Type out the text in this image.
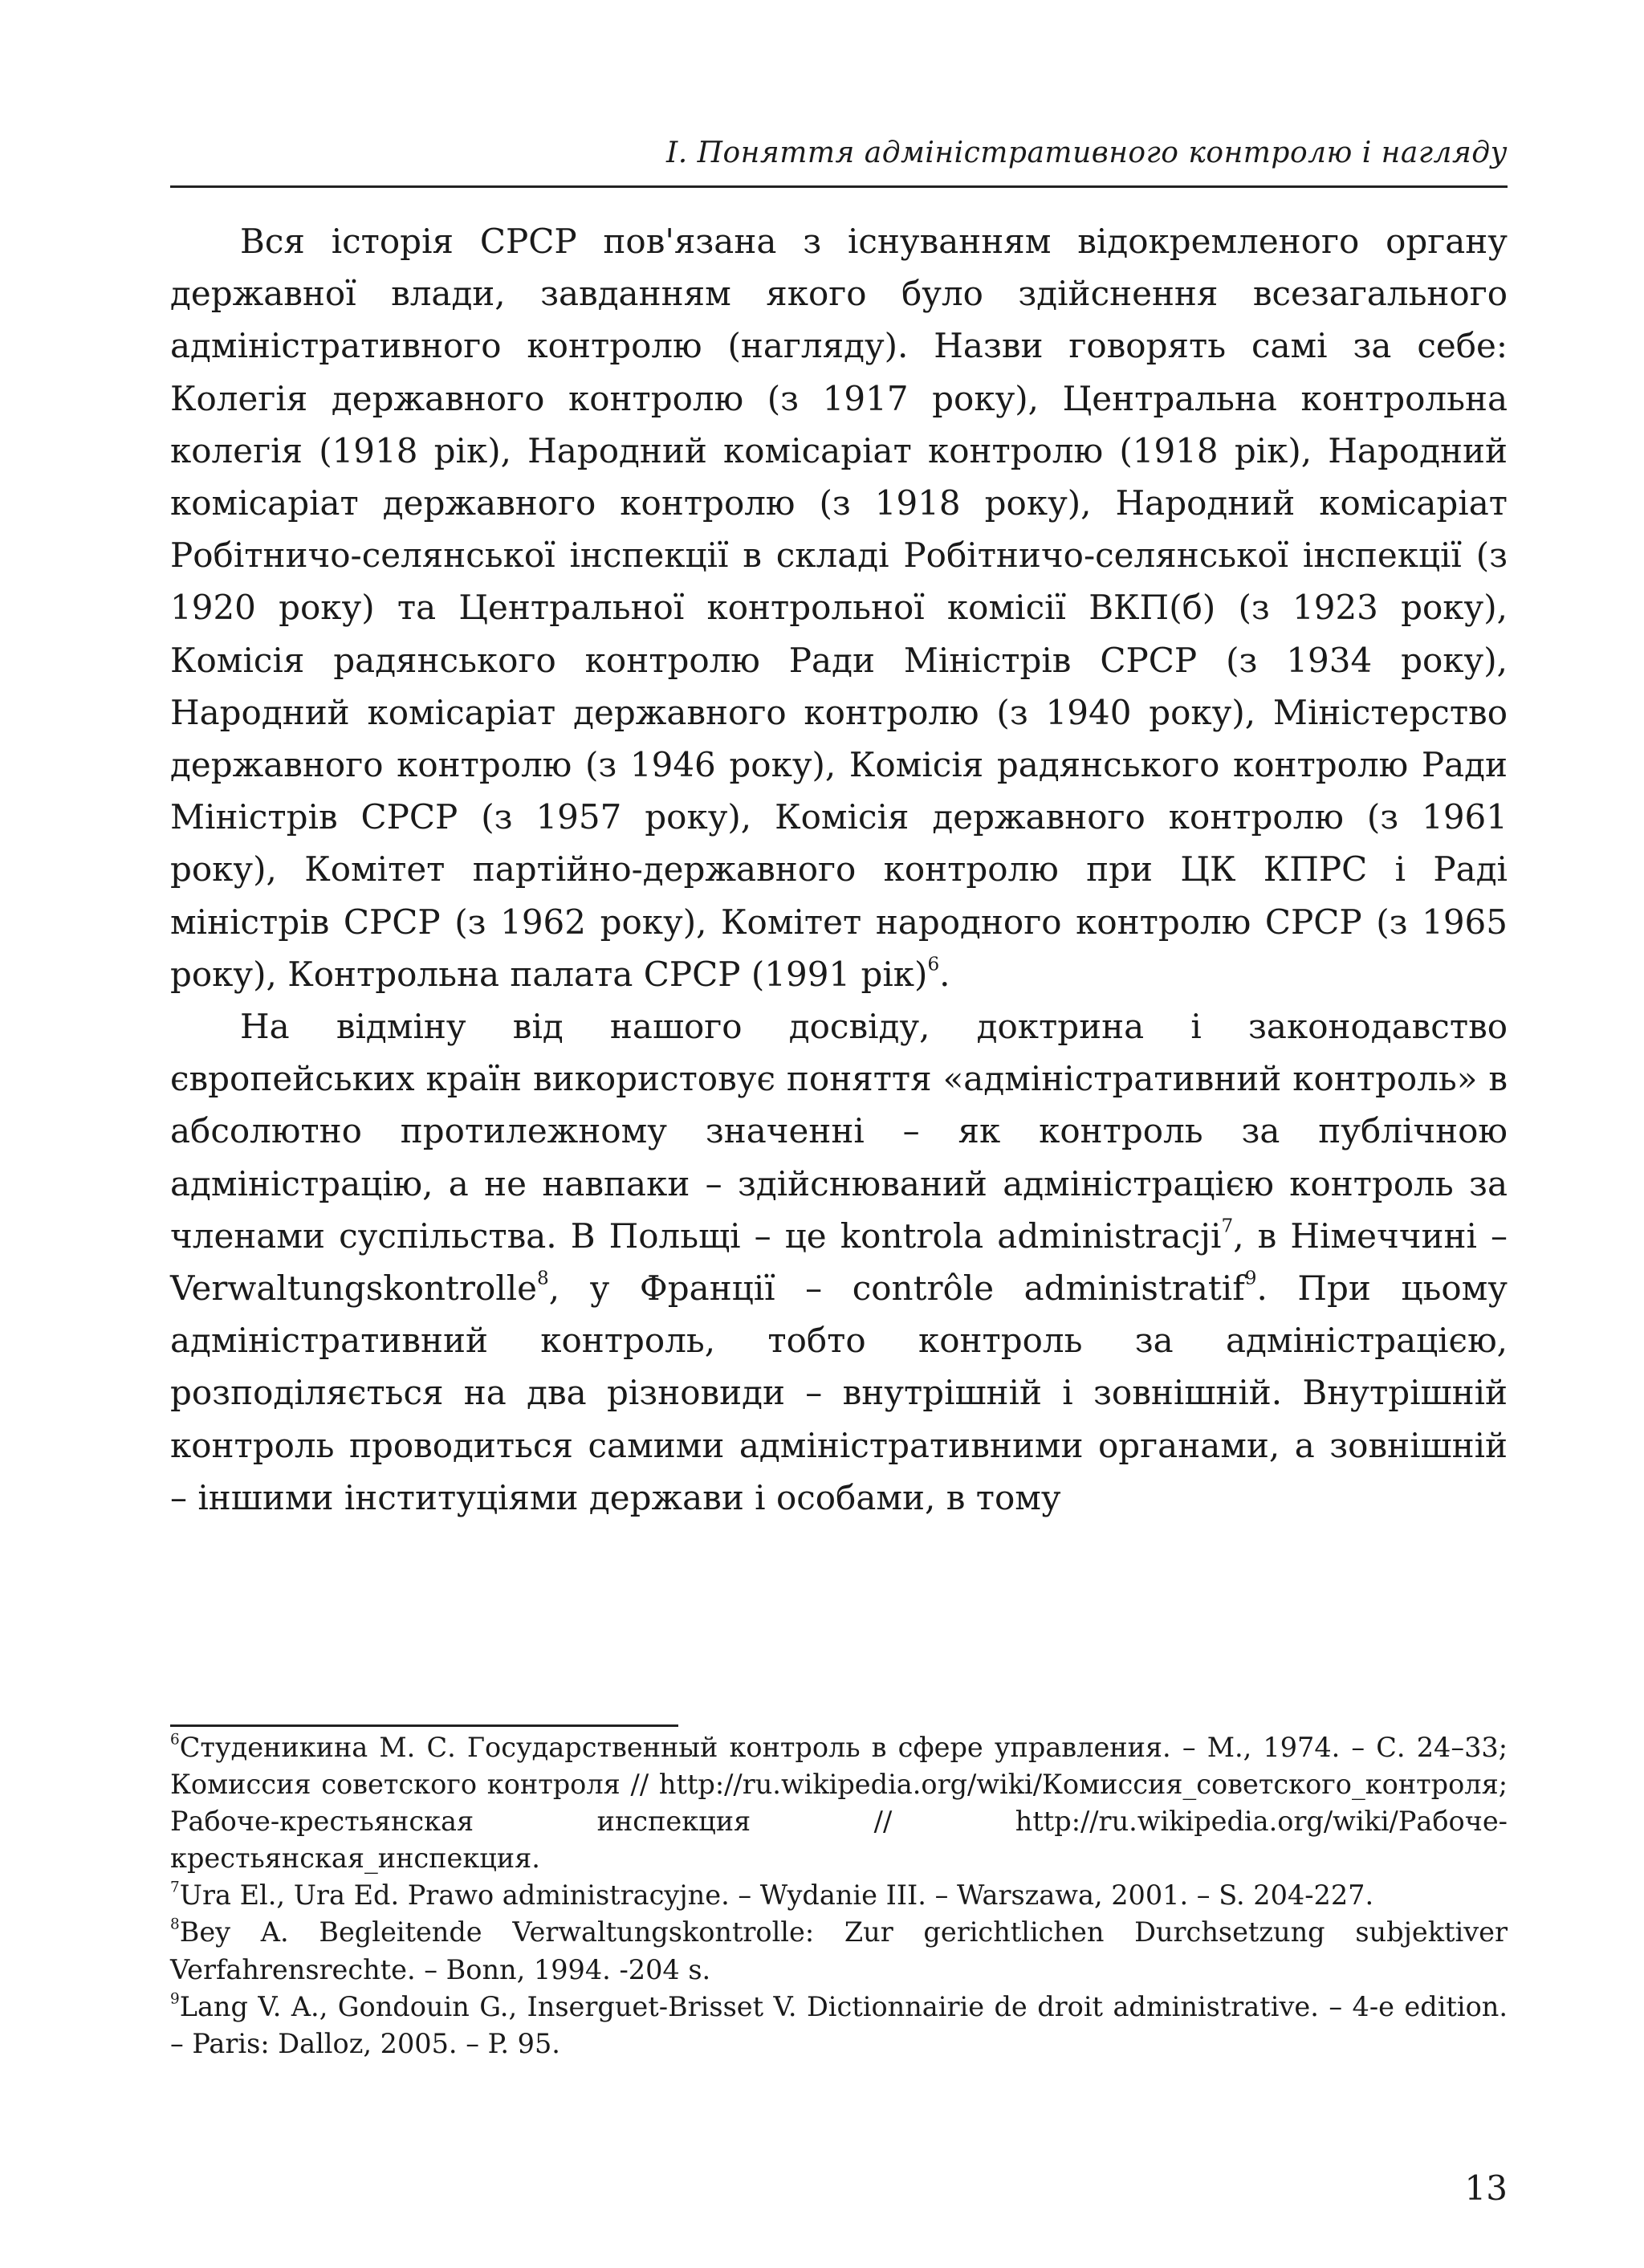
I. Поняття адміністративного контролю і нагляду

Вся історія СРСР пов'язана з існуванням відокремленого органу державної влади, завданням якого було здійснення всезагального адміністративного контролю (нагляду). Назви говорять самі за себе: Колегія державного контролю (з 1917 року), Центральна контрольна колегія (1918 рік), Народний комісаріат контролю (1918 рік), Народний комісаріат державного контролю (з 1918 року), Народний комісаріат Робітничо-селянської інспекції в складі Робітничо-селянської інспекції (з 1920 року) та Центральної контрольної комісії ВКП(б) (з 1923 року), Комісія радянського контролю Ради Міністрів СРСР (з 1934 року), Народний комісаріат державного контролю (з 1940 року), Міністерство державного контролю (з 1946 року), Комісія радянського контролю Ради Міністрів СРСР (з 1957 року), Комісія державного контролю (з 1961 року), Комітет партійно-державного контролю при ЦК КПРС і Раді міністрів СРСР (з 1962 року), Комітет народного контролю СРСР (з 1965 року), Контрольна палата СРСР (1991 рік)$^6$.

На відміну від нашого досвіду, доктрина і законодавство європейських країн використовує поняття «адміністративний контроль» в абсолютно протилежному значенні – як контроль за публічною адміністрацію, а не навпаки – здійснюваний адміністрацією контроль за членами суспільства. В Польщі – це kontrola administracji$^7$, в Німеччині – Verwaltungskontrolle$^8$, у Франції – contrôle administratif$^9$. При цьому адміністративний контроль, тобто контроль за адміністрацією, розподіляється на два різновиди – внутрішній і зовнішній. Внутрішній контроль проводиться самими адміністративними органами, а зовнішній – іншими інституціями держави і особами, в тому

$^6$Студеникина М. С. Государственный контроль в сфере управления. – М., 1974. – С. 24–33; Комиссия советского контроля // http://ru.wikipedia.org/wiki/Комиссия_советского_контроля; Рабоче-крестьянская инспекция // http://ru.wikipedia.org/wiki/Рабоче-крестьянская_инспекция.

$^7$Ura El., Ura Ed. Prawo administracyjne. – Wydanie III. – Warszawa, 2001. – S. 204-227.

$^8$Bey A. Begleitende Verwaltungskontrolle: Zur gerichtlichen Durchsetzung subjektiver Verfahrensrechte. – Bonn, 1994. -204 s.

$^9$Lang V. A., Gondouin G., Inserguet-Brisset V. Dictionnairie de droit administrative. – 4-e edition. – Paris: Dalloz, 2005. – P. 95.

13
